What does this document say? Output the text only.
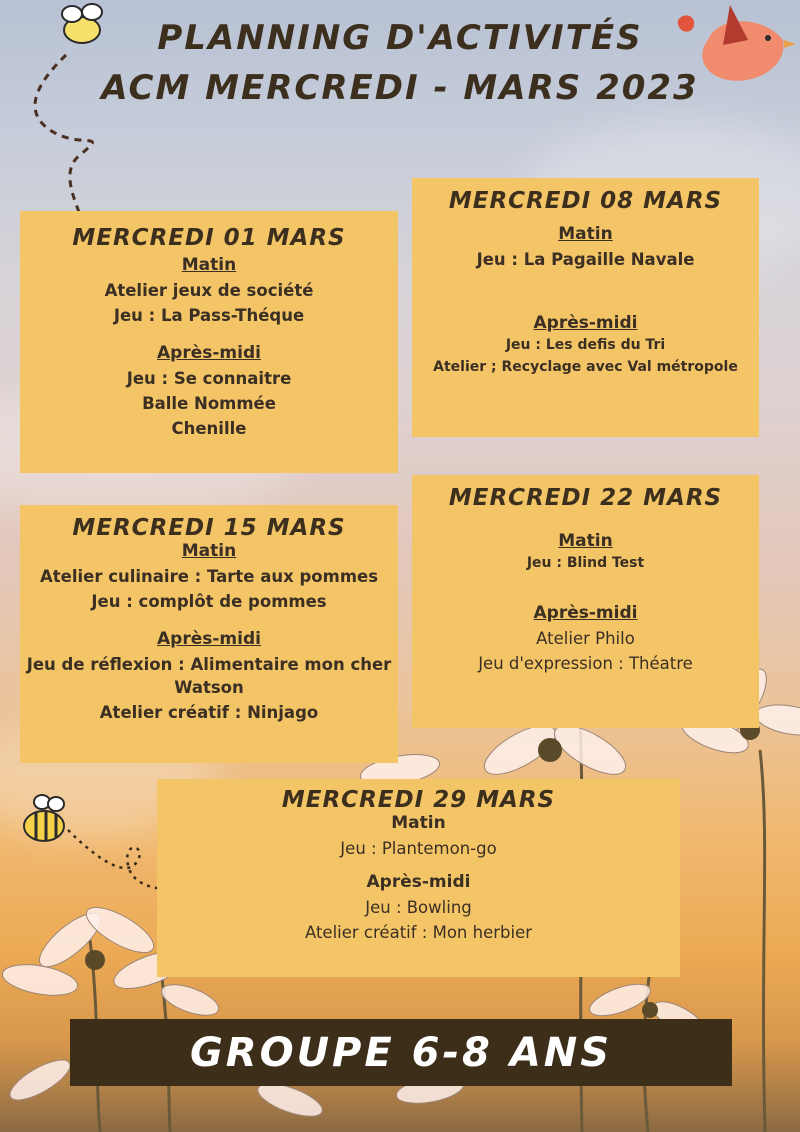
PLANNING D'ACTIVITÉS
ACM MERCREDI - MARS 2023
MERCREDI 01 MARS
Matin
Atelier jeux de société
Jeu : La Pass-Théque
Après-midi
Jeu : Se connaitre
Balle Nommée
Chenille
MERCREDI 08 MARS
Matin
Jeu : La Pagaille Navale
Après-midi
Jeu : Les defis du Tri
Atelier ; Recyclage avec Val métropole
MERCREDI 15 MARS
Matin
Atelier culinaire : Tarte aux pommes
Jeu : complôt de pommes
Après-midi
Jeu de réflexion : Alimentaire mon cher
Watson
Atelier créatif : Ninjago
MERCREDI 22 MARS
Matin
Jeu : Blind Test
Après-midi
Atelier Philo
Jeu d'expression : Théatre
MERCREDI 29 MARS
Matin
Jeu : Plantemon-go
Après-midi
Jeu : Bowling
Atelier créatif : Mon herbier
GROUPE 6-8 ANS
